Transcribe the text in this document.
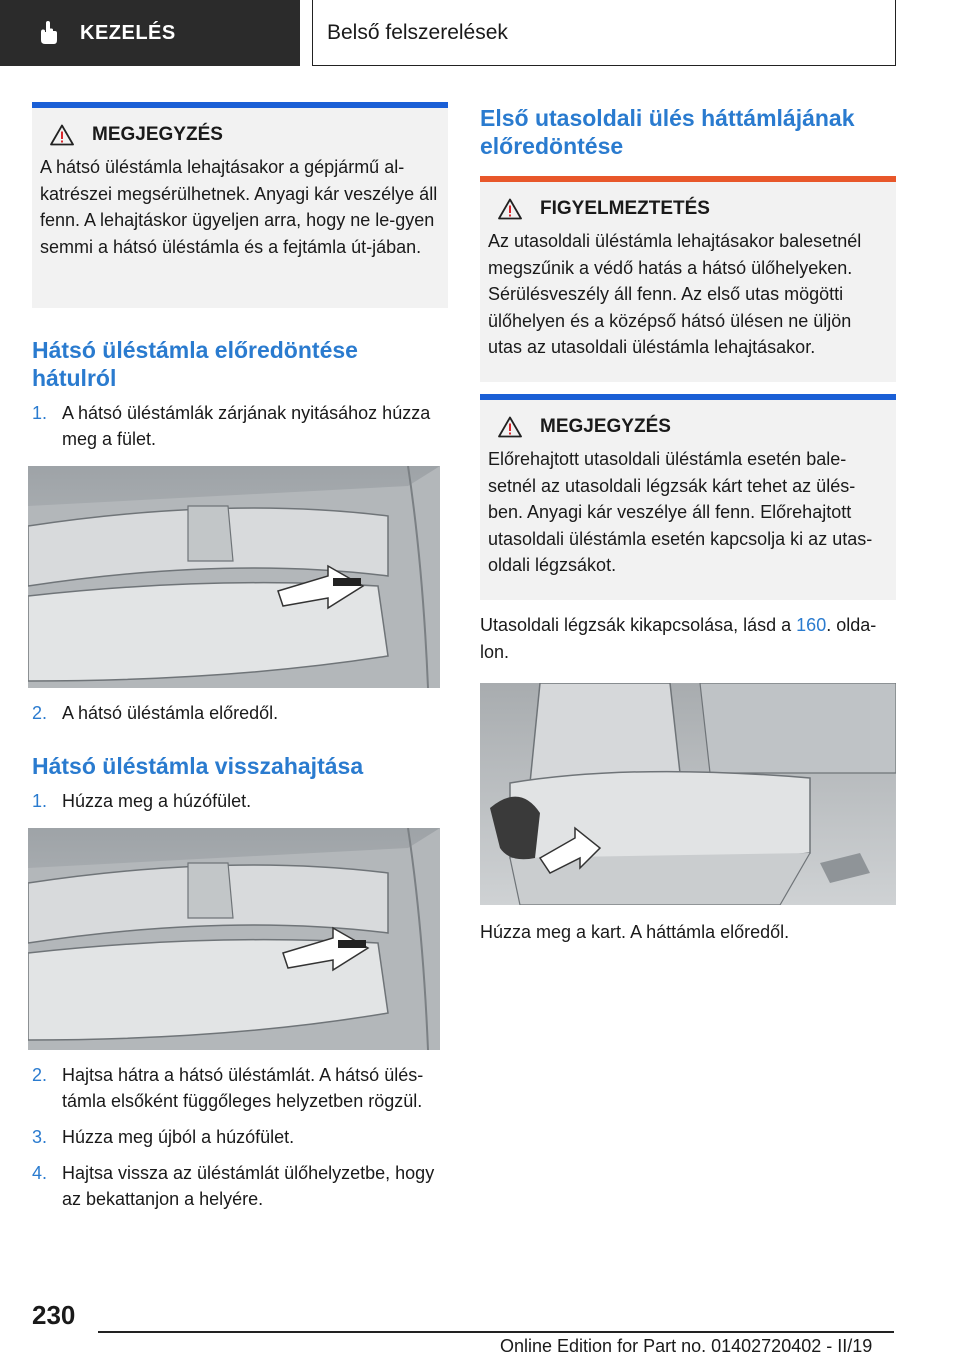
KEZELÉS	Belső felszerelések
MEGJEGYZÉS
A hátsó üléstámla lehajtásakor a gépjármű al-katrészei megsérülhetnek. Anyagi kár veszélye áll fenn. A lehajtáskor ügyeljen arra, hogy ne le-gyen semmi a hátsó üléstámla és a fejtámla út-jában.
Hátsó üléstámla előredöntése hátulról
1. A hátsó üléstámlák zárjának nyitásához húzza meg a fület.
2. A hátsó üléstámla előredől.
Hátsó üléstámla visszahajtása
1. Húzza meg a húzófület.
2. Hajtsa hátra a hátsó üléstámlát. A hátsó ülés-támla elsőként függőleges helyzetben rögzül.
3. Húzza meg újból a húzófület.
4. Hajtsa vissza az üléstámlát ülőhelyzetbe, hogy az bekattanjon a helyére.
Első utasoldali ülés háttámlájának előredöntése
FIGYELMEZTETÉS
Az utasoldali üléstámla lehajtásakor balesetnél megszűnik a védő hatás a hátsó ülőhelyeken. Sérülésveszély áll fenn. Az első utas mögötti ülőhelyen és a középső hátsó ülésen ne üljön utas az utasoldali üléstámla lehajtásakor.
MEGJEGYZÉS
Előrehajtott utasoldali üléstámla esetén bale-setnél az utasoldali légzsák kárt tehet az ülés-ben. Anyagi kár veszélye áll fenn. Előrehajtott utasoldali üléstámla esetén kapcsolja ki az utas-oldali légzsákot.

Utasoldali légzsák kikapcsolása, lásd a 160. olda-lon.

Húzza meg a kart. A háttámla előredől.

230
Online Edition for Part no. 01402720402 - II/19
